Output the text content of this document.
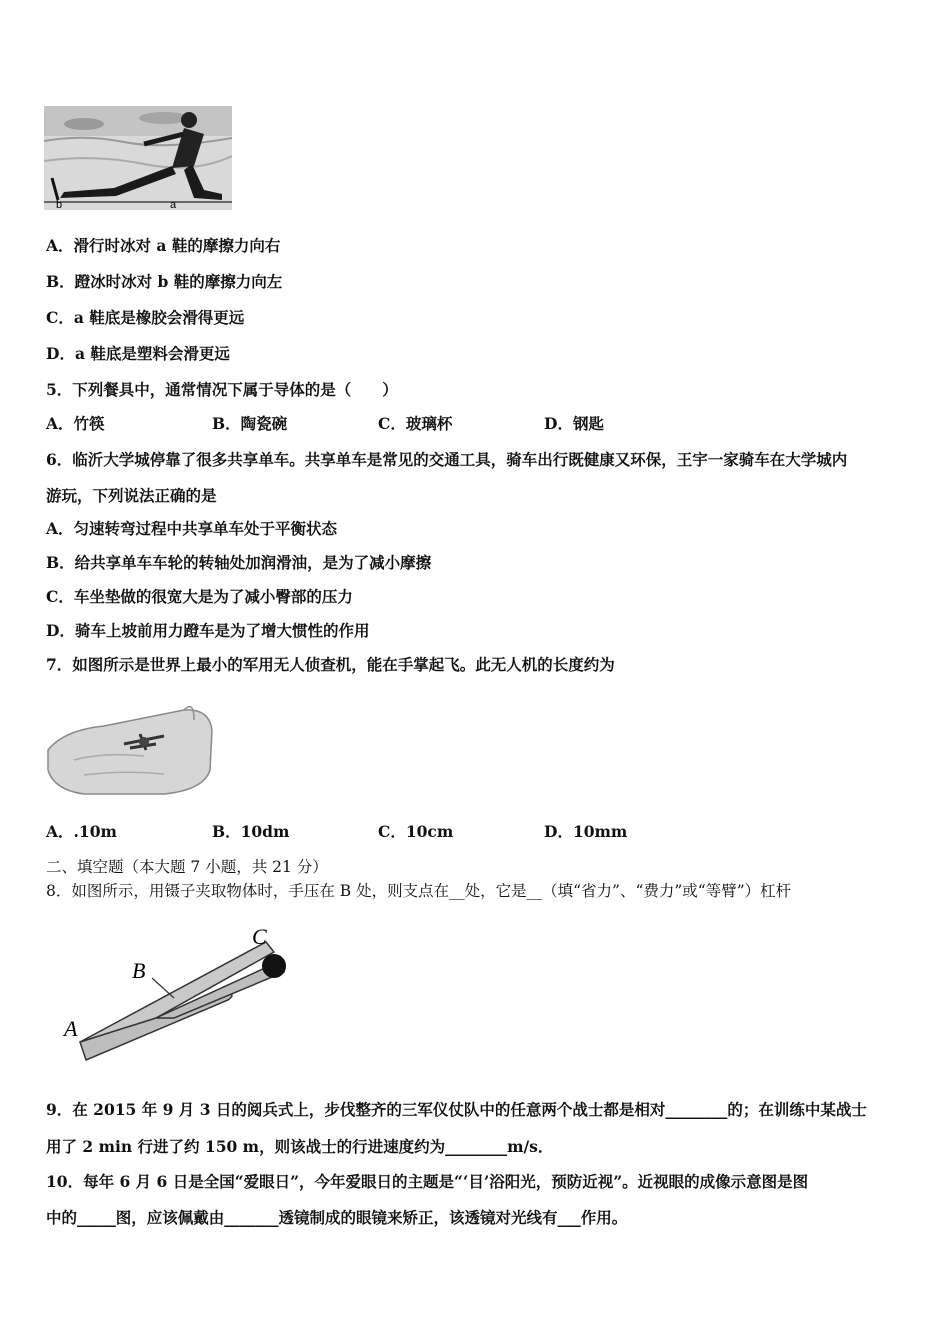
b	a
A．滑行时冰对 a 鞋的摩擦力向右
B．蹬冰时冰对 b 鞋的摩擦力向左
C．a 鞋底是橡胶会滑得更远
D．a 鞋底是塑料会滑更远
5．下列餐具中，通常情况下属于导体的是（　　）
A．竹筷	B．陶瓷碗	C．玻璃杯	D．钢匙
6．临沂大学城停靠了很多共享单车。共享单车是常见的交通工具，骑车出行既健康又环保，王宇一家骑车在大学城内
游玩，下列说法正确的是
A．匀速转弯过程中共享单车处于平衡状态
B．给共享单车车轮的转轴处加润滑油，是为了减小摩擦
C．车坐垫做的很宽大是为了减小臀部的压力
D．骑车上坡前用力蹬车是为了增大惯性的作用
7．如图所示是世界上最小的军用无人侦查机，能在手掌起飞。此无人机的长度约为
A．.10m	B．10dm	C．10cm	D．10mm
二、填空题（本大题 7 小题，共 21 分）
8．如图所示，用镊子夹取物体时，手压在 B 处，则支点在__处，它是__（填“省力”、“费力”或“等臂”）杠杆
A
B
C
9．在 2015 年 9 月 3 日的阅兵式上，步伐整齐的三军仪仗队中的任意两个战士都是相对________的；在训练中某战士
用了 2 min 行进了约 150 m，则该战士的行进速度约为________m/s．
10．每年 6 月 6 日是全国“爱眼日”，今年爱眼日的主题是“‘目’浴阳光，预防近视”。近视眼的成像示意图是图
中的_____图，应该佩戴由_______透镜制成的眼镜来矫正，该透镜对光线有___作用。
